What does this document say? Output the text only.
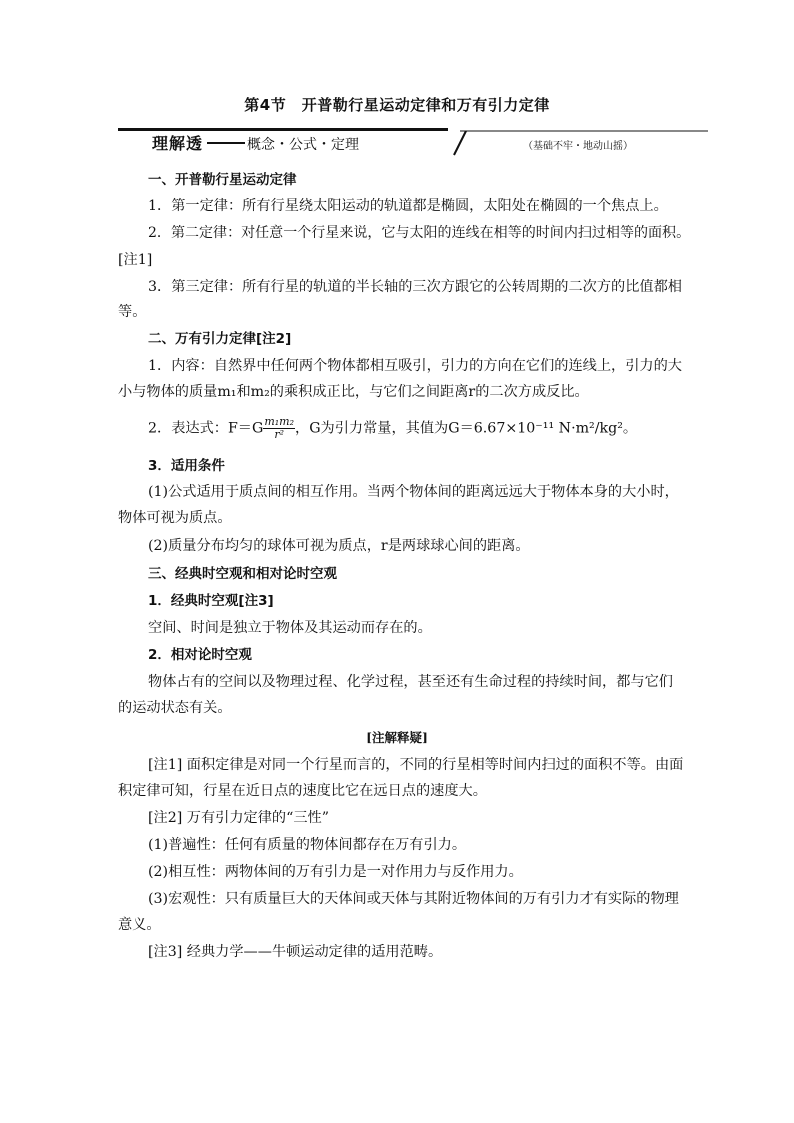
第4节　开普勒行星运动定律和万有引力定律
理解透	概念・公式・定理	（基础不牢・地动山摇）
一、开普勒行星运动定律
1．第一定律：所有行星绕太阳运动的轨道都是椭圆，太阳处在椭圆的一个焦点上。
2．第二定律：对任意一个行星来说，它与太阳的连线在相等的时间内扫过相等的面积。
[注1]
3．第三定律：所有行星的轨道的半长轴的三次方跟它的公转周期的二次方的比值都相
等。
二、万有引力定律[注2]
1．内容：自然界中任何两个物体都相互吸引，引力的方向在它们的连线上，引力的大
小与物体的质量m₁和m₂的乘积成正比，与它们之间距离r的二次方成反比。
2．表达式：$F=G \frac{\text{m₁m₂}}{\text{r²}}$ ，G为引力常量，其值为G＝6.67×10⁻¹¹ N·m²/kg²。
3．适用条件
(1)公式适用于质点间的相互作用。当两个物体间的距离远远大于物体本身的大小时，
物体可视为质点。
(2)质量分布均匀的球体可视为质点，r是两球球心间的距离。
三、经典时空观和相对论时空观
1．经典时空观[注3]
空间、时间是独立于物体及其运动而存在的。
2．相对论时空观
物体占有的空间以及物理过程、化学过程，甚至还有生命过程的持续时间，都与它们
的运动状态有关。
[注解释疑]
[注1] 面积定律是对同一个行星而言的，不同的行星相等时间内扫过的面积不等。由面
积定律可知，行星在近日点的速度比它在远日点的速度大。
[注2] 万有引力定律的“三性”
(1)普遍性：任何有质量的物体间都存在万有引力。
(2)相互性：两物体间的万有引力是一对作用力与反作用力。
(3)宏观性：只有质量巨大的天体间或天体与其附近物体间的万有引力才有实际的物理
意义。
[注3] 经典力学——牛顿运动定律的适用范畴。
